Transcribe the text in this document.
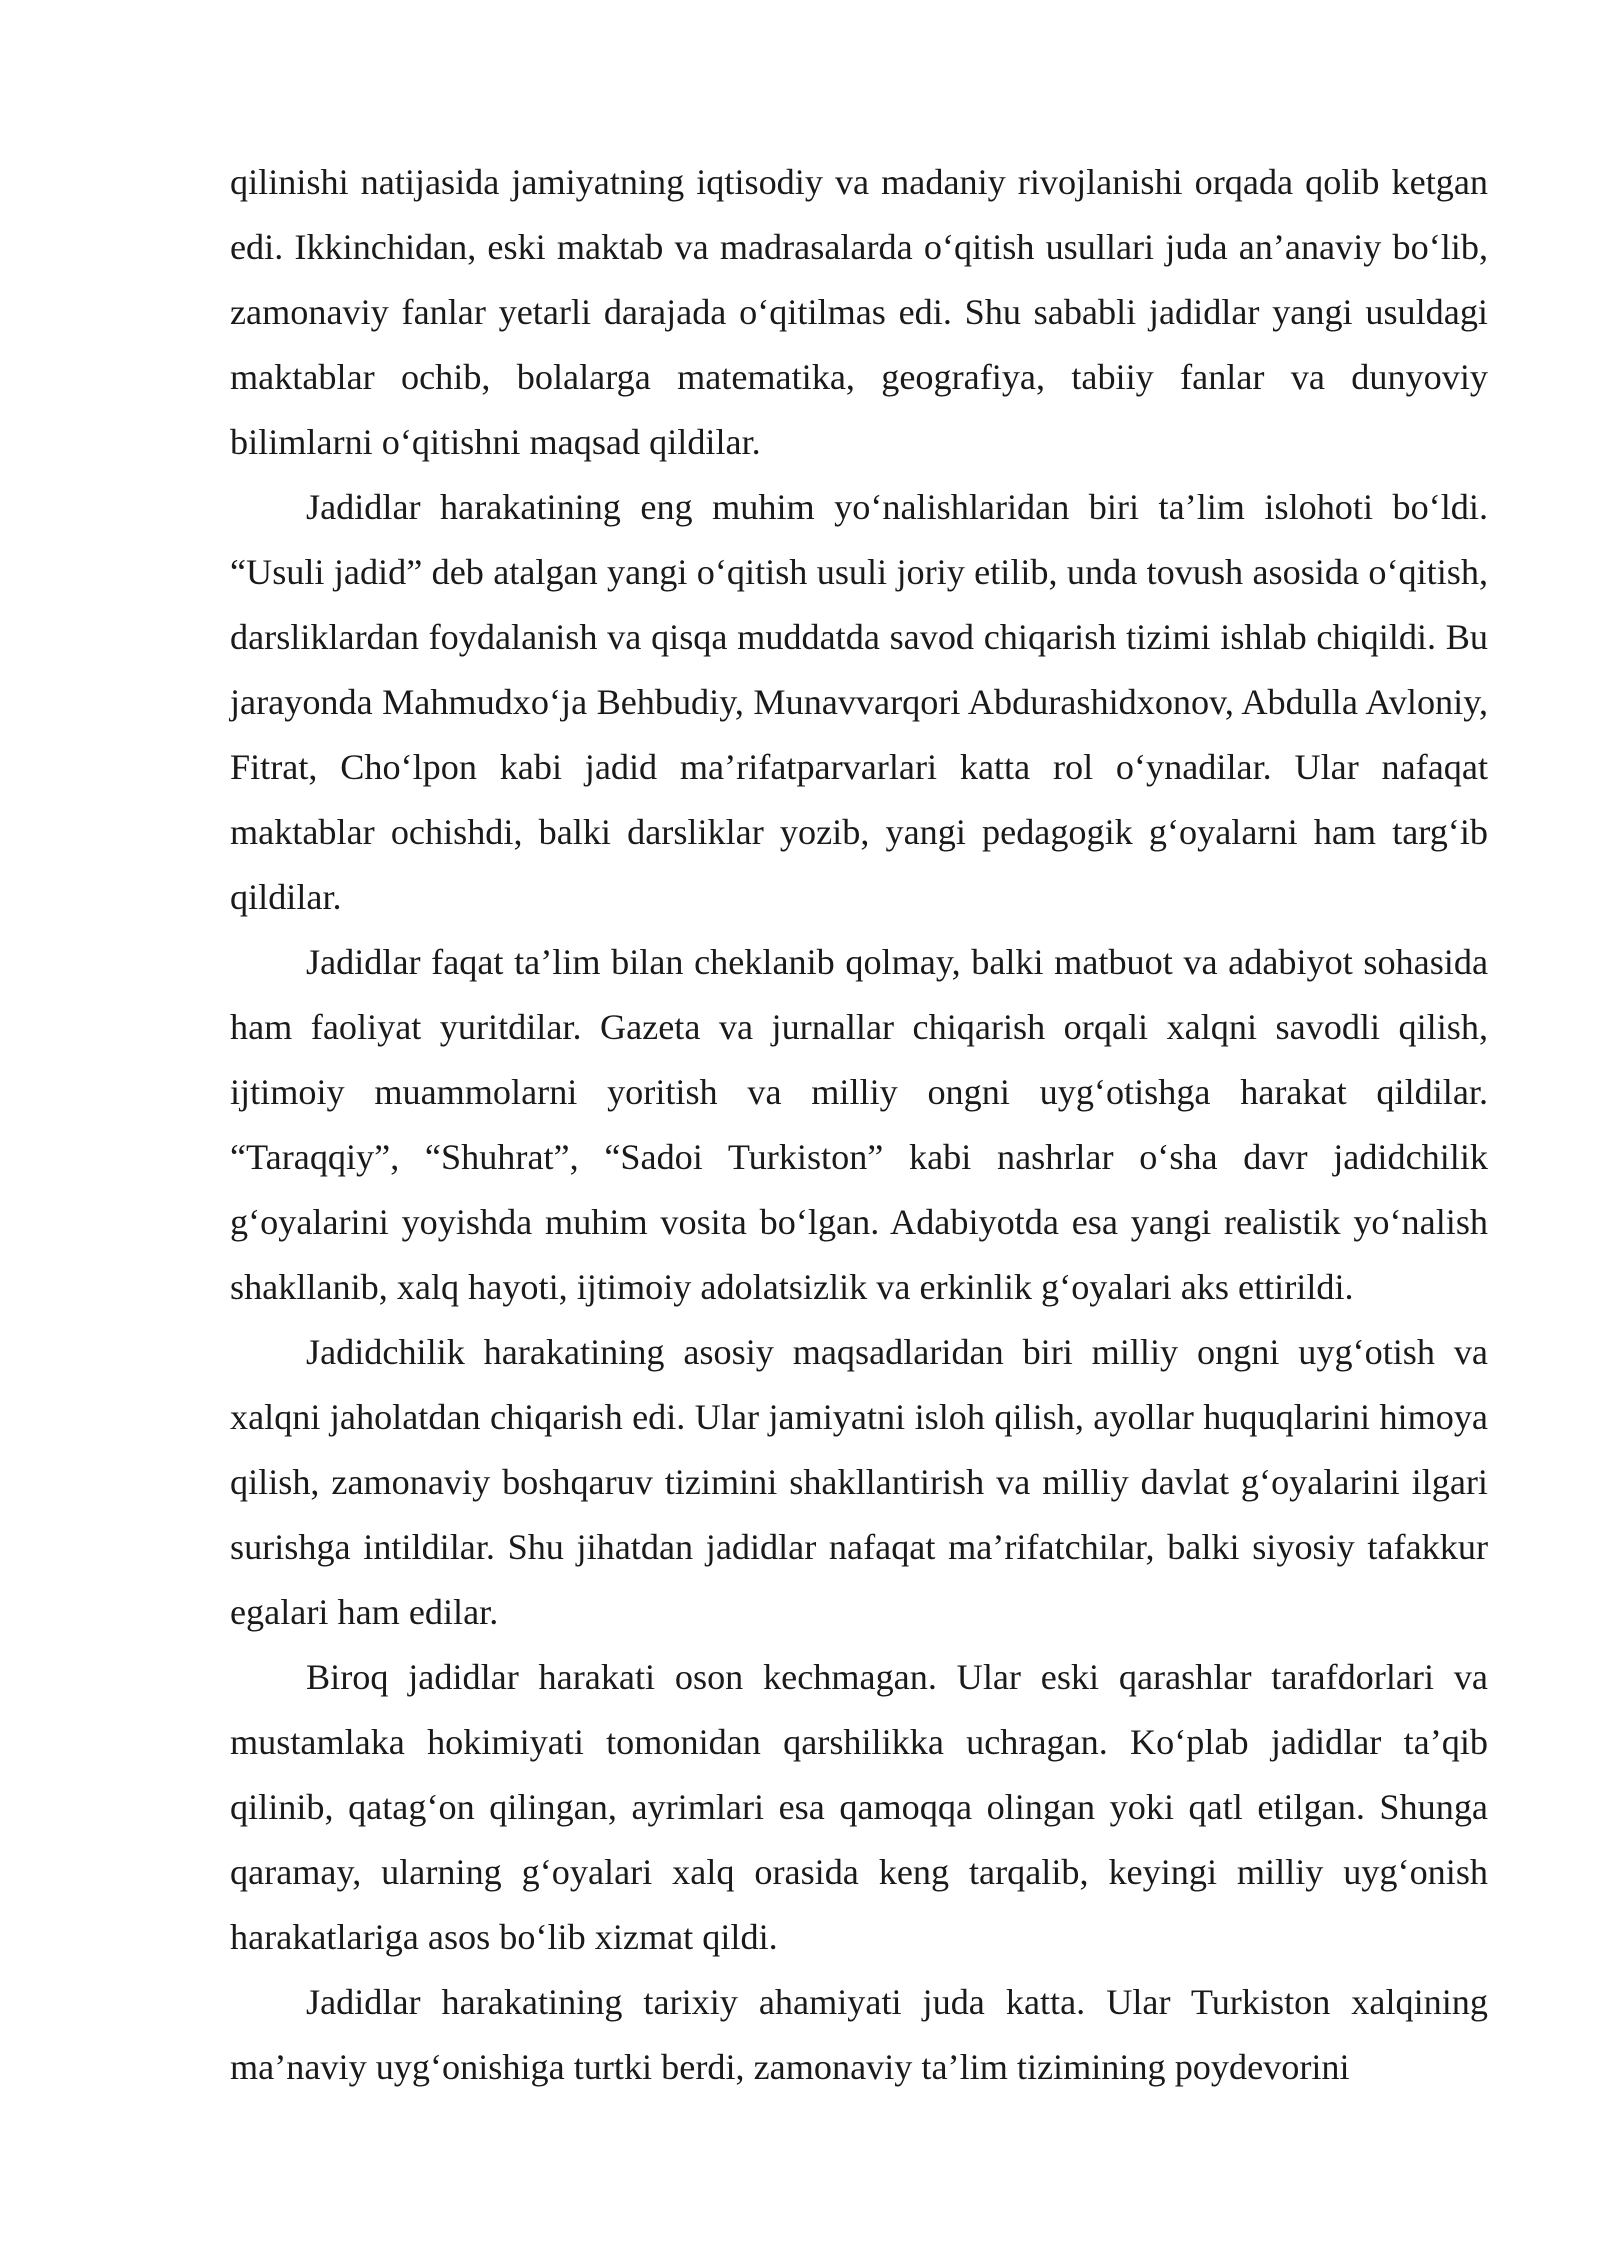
qilinishi natijasida jamiyatning iqtisodiy va madaniy rivojlanishi orqada qolib ketgan edi. Ikkinchidan, eski maktab va madrasalarda o‘qitish usullari juda an’anaviy bo‘lib, zamonaviy fanlar yetarli darajada o‘qitilmas edi. Shu sababli jadidlar yangi usuldagi maktablar ochib, bolalarga matematika, geografiya, tabiiy fanlar va dunyoviy bilimlarni o‘qitishni maqsad qildilar.

Jadidlar harakatining eng muhim yo‘nalishlaridan biri ta’lim islohoti bo‘ldi. “Usuli jadid” deb atalgan yangi o‘qitish usuli joriy etilib, unda tovush asosida o‘qitish, darsliklardan foydalanish va qisqa muddatda savod chiqarish tizimi ishlab chiqildi. Bu jarayonda Mahmudxo‘ja Behbudiy, Munavvarqori Abdurashidxonov, Abdulla Avloniy, Fitrat, Cho‘lpon kabi jadid ma’rifatparvarlari katta rol o‘ynadilar. Ular nafaqat maktablar ochishdi, balki darsliklar yozib, yangi pedagogik g‘oyalarni ham targ‘ib qildilar.

Jadidlar faqat ta’lim bilan cheklanib qolmay, balki matbuot va adabiyot sohasida ham faoliyat yuritdilar. Gazeta va jurnallar chiqarish orqali xalqni savodli qilish, ijtimoiy muammolarni yoritish va milliy ongni uyg‘otishga harakat qildilar. “Taraqqiy”, “Shuhrat”, “Sadoi Turkiston” kabi nashrlar o‘sha davr jadidchilik g‘oyalarini yoyishda muhim vosita bo‘lgan. Adabiyotda esa yangi realistik yo‘nalish shakllanib, xalq hayoti, ijtimoiy adolatsizlik va erkinlik g‘oyalari aks ettirildi.

Jadidchilik harakatining asosiy maqsadlaridan biri milliy ongni uyg‘otish va xalqni jaholatdan chiqarish edi. Ular jamiyatni isloh qilish, ayollar huquqlarini himoya qilish, zamonaviy boshqaruv tizimini shakllantirish va milliy davlat g‘oyalarini ilgari surishga intildilar. Shu jihatdan jadidlar nafaqat ma’rifatchilar, balki siyosiy tafakkur egalari ham edilar.

Biroq jadidlar harakati oson kechmagan. Ular eski qarashlar tarafdorlari va mustamlaka hokimiyati tomonidan qarshilikka uchragan. Ko‘plab jadidlar ta’qib qilinib, qatag‘on qilingan, ayrimlari esa qamoqqa olingan yoki qatl etilgan. Shunga qaramay, ularning g‘oyalari xalq orasida keng tarqalib, keyingi milliy uyg‘onish harakatlariga asos bo‘lib xizmat qildi.

Jadidlar harakatining tarixiy ahamiyati juda katta. Ular Turkiston xalqining ma’naviy uyg‘onishiga turtki berdi, zamonaviy ta’lim tizimining poydevorini
